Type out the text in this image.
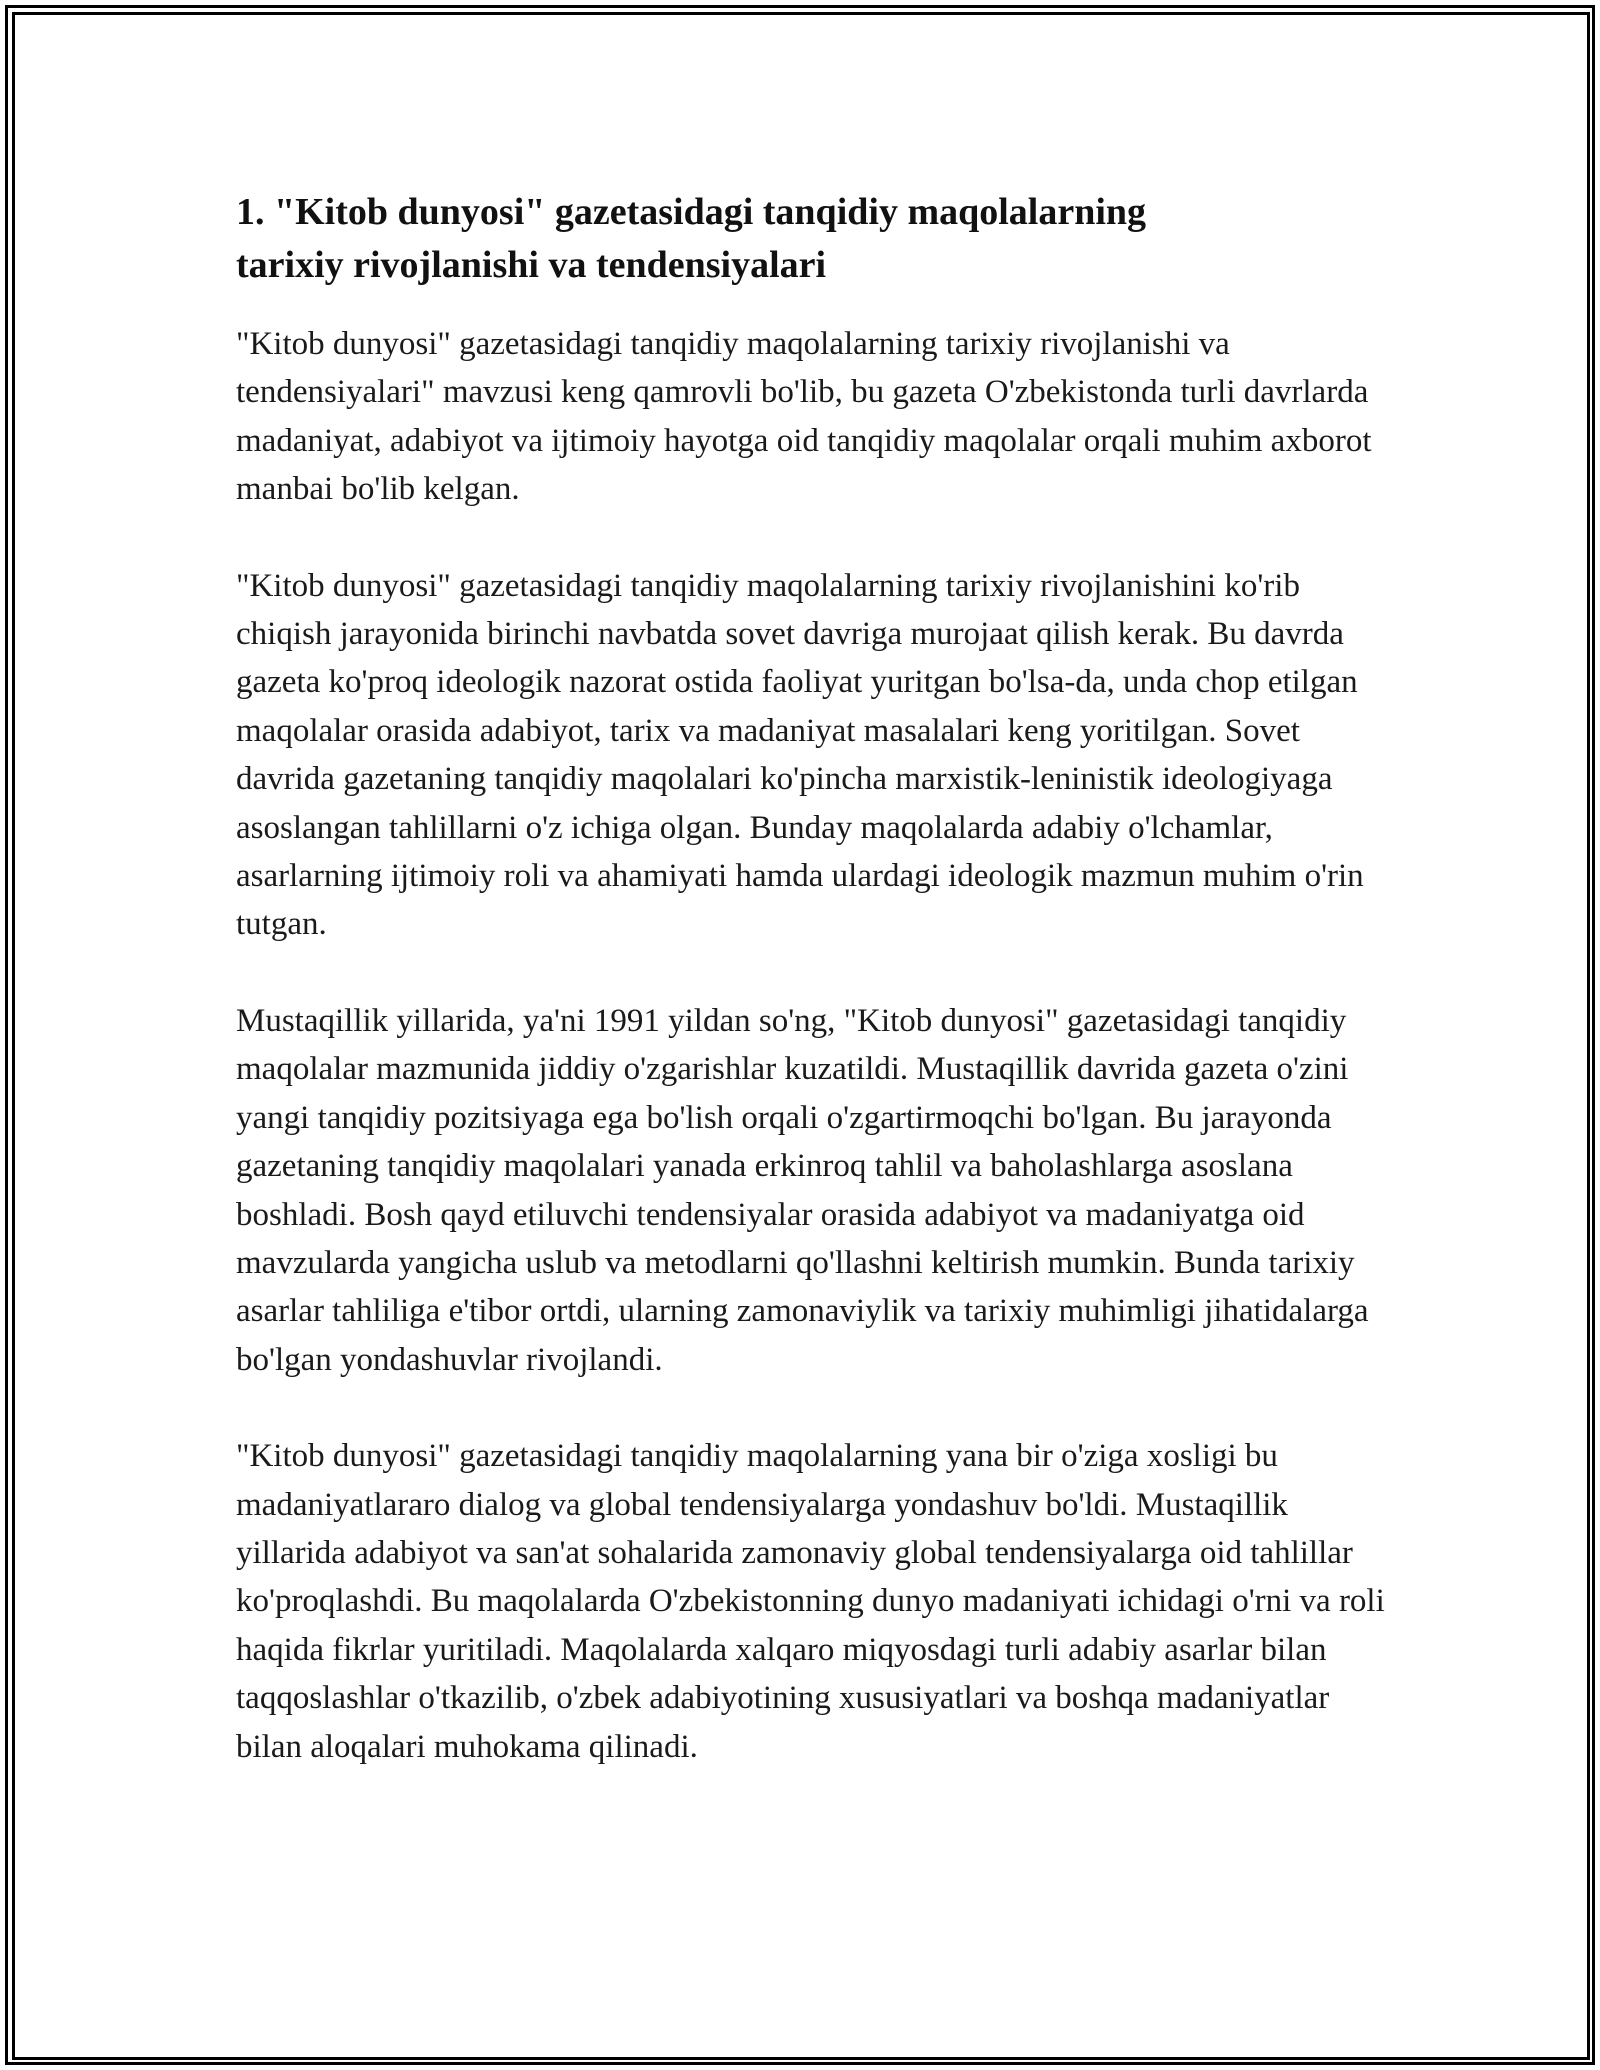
1. "Kitob dunyosi" gazetasidagi tanqidiy maqolalarning
tarixiy rivojlanishi va tendensiyalari

"Kitob dunyosi" gazetasidagi tanqidiy maqolalarning tarixiy rivojlanishi va tendensiyalari" mavzusi keng qamrovli bo'lib, bu gazeta O'zbekistonda turli davrlarda madaniyat, adabiyot va ijtimoiy hayotga oid tanqidiy maqolalar orqali muhim axborot manbai bo'lib kelgan.

"Kitob dunyosi" gazetasidagi tanqidiy maqolalarning tarixiy rivojlanishini ko'rib chiqish jarayonida birinchi navbatda sovet davriga murojaat qilish kerak. Bu davrda gazeta ko'proq ideologik nazorat ostida faoliyat yuritgan bo'lsa-da, unda chop etilgan maqolalar orasida adabiyot, tarix va madaniyat masalalari keng yoritilgan. Sovet davrida gazetaning tanqidiy maqolalari ko'pincha marxistik-leninistik ideologiyaga asoslangan tahlillarni o'z ichiga olgan. Bunday maqolalarda adabiy o'lchamlar, asarlarning ijtimoiy roli va ahamiyati hamda ulardagi ideologik mazmun muhim o'rin tutgan.

Mustaqillik yillarida, ya'ni 1991 yildan so'ng, "Kitob dunyosi" gazetasidagi tanqidiy maqolalar mazmunida jiddiy o'zgarishlar kuzatildi. Mustaqillik davrida gazeta o'zini yangi tanqidiy pozitsiyaga ega bo'lish orqali o'zgartirmoqchi bo'lgan. Bu jarayonda gazetaning tanqidiy maqolalari yanada erkinroq tahlil va baholashlarga asoslana boshladi. Bosh qayd etiluvchi tendensiyalar orasida adabiyot va madaniyatga oid mavzularda yangicha uslub va metodlarni qo'llashni keltirish mumkin. Bunda tarixiy asarlar tahliliga e'tibor ortdi, ularning zamonaviylik va tarixiy muhimligi jihatidalarga bo'lgan yondashuvlar rivojlandi.

"Kitob dunyosi" gazetasidagi tanqidiy maqolalarning yana bir o'ziga xosligi bu madaniyatlararo dialog va global tendensiyalarga yondashuv bo'ldi. Mustaqillik yillarida adabiyot va san'at sohalarida zamonaviy global tendensiyalarga oid tahlillar ko'proqlashdi. Bu maqolalarda O'zbekistonning dunyo madaniyati ichidagi o'rni va roli haqida fikrlar yuritiladi. Maqolalarda xalqaro miqyosdagi turli adabiy asarlar bilan taqqoslashlar o'tkazilib, o'zbek adabiyotining xususiyatlari va boshqa madaniyatlar bilan aloqalari muhokama qilinadi.
